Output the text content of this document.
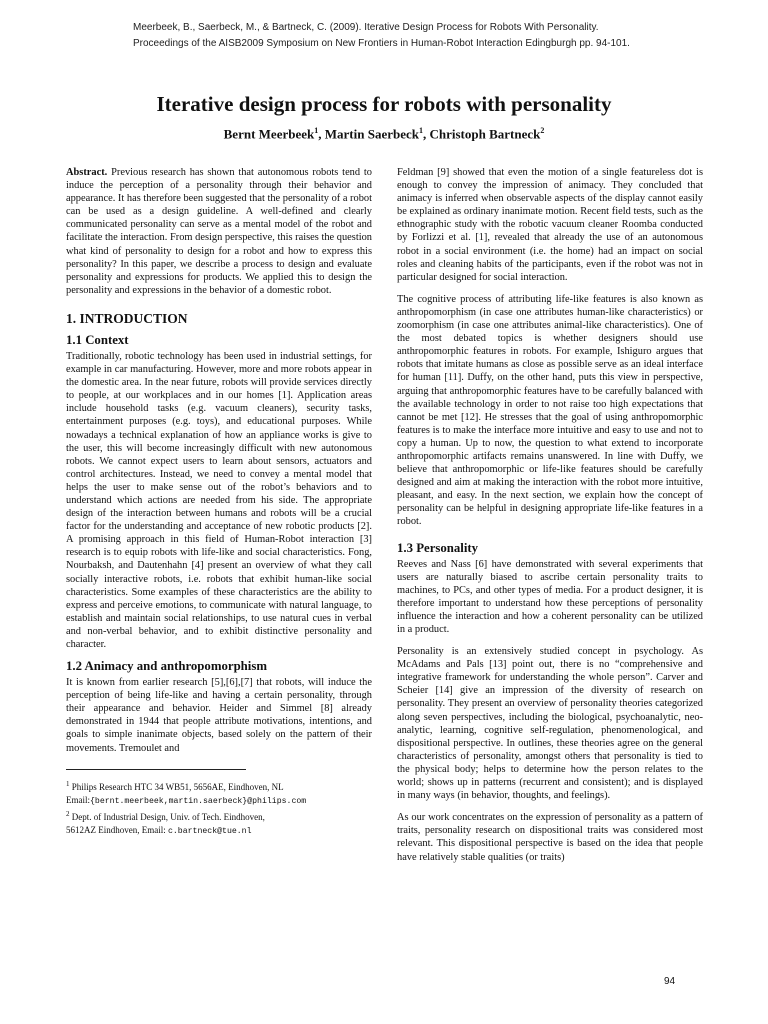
Meerbeek, B., Saerbeck, M., & Bartneck, C. (2009). Iterative Design Process for Robots With Personality.
Proceedings of the AISB2009 Symposium on New Frontiers in Human-Robot Interaction Edingburgh pp. 94-101.
Iterative design process for robots with personality
Bernt Meerbeek$^1$, Martin Saerbeck$^1$, Christoph Bartneck$^2$

Abstract. Previous research has shown that autonomous robots tend to induce the perception of a personality through their behavior and appearance. It has therefore been suggested that the personality of a robot can be used as a design guideline. A well-defined and clearly communicated personality can serve as a mental model of the robot and facilitate the interaction. From design perspective, this raises the question what kind of personality to design for a robot and how to express this personality? In this paper, we describe a process to design and evaluate personality and expressions for products. We applied this to design the personality and expressions in the behavior of a domestic robot.

1. INTRODUCTION
1.1 Context

Traditionally, robotic technology has been used in industrial settings, for example in car manufacturing. However, more and more robots appear in the domestic area. In the near future, robots will provide services directly to people, at our workplaces and in our homes [1]. Application areas include household tasks (e.g. vacuum cleaners), security tasks, entertainment purposes (e.g. toys), and educational purposes. While nowadays a technical explanation of how an appliance works is give to the user, this will become increasingly difficult with new autonomous robots. We cannot expect users to learn about sensors, actuators and control architectures. Instead, we need to convey a mental model that helps the user to make sense out of the robot’s behaviors and to understand which actions are needed from his side. The appropriate design of the interaction between humans and robots will be a crucial factor for the understanding and acceptance of new robotic products [2]. A promising approach in this field of Human-Robot interaction [3] research is to equip robots with life-like and social characteristics. Fong, Nourbaksh, and Dautenhahn [4] present an overview of what they call socially interactive robots, i.e. robots that exhibit human-like social characteristics. Some examples of these characteristics are the ability to express and perceive emotions, to communicate with natural language, to establish and maintain social relationships, to use natural cues in verbal and non-verbal behavior, and to exhibit distinctive personality and character.

1.2 Animacy and anthropomorphism

It is known from earlier research [5],[6],[7] that robots, will induce the perception of being life-like and having a certain personality, through their appearance and behavior. Heider and Simmel [8] already demonstrated in 1944 that people attribute motivations, intentions, and goals to simple inanimate objects, based solely on the pattern of their movements. Tremoulet and

$^1$ Philips Research HTC 34 WB51, 5656AE, Eindhoven, NL

Email:{bernt.meerbeek,martin.saerbeck}@philips.com

$^2$ Dept. of Industrial Design, Univ. of Tech. Eindhoven,

5612AZ Eindhoven, Email: c.bartneck@tue.nl

Feldman [9] showed that even the motion of a single featureless dot is enough to convey the impression of animacy. They concluded that animacy is inferred when observable aspects of the display cannot easily be explained as ordinary inanimate motion. Recent field tests, such as the ethnographic study with the robotic vacuum cleaner Roomba conducted by Forlizzi et al. [1], revealed that already the use of an autonomous robot in a social environment (i.e. the home) had an impact on social roles and cleaning habits of the participants, even if the robot was not in particular designed for social interaction.

The cognitive process of attributing life-like features is also known as anthropomorphism (in case one attributes human-like characteristics) or zoomorphism (in case one attributes animal-like characteristics). One of the most debated topics is whether designers should use anthropomorphic features in robots. For example, Ishiguro argues that robots that imitate humans as close as possible serve as an ideal interface for human [11]. Duffy, on the other hand, puts this view in perspective, arguing that anthropomorphic features have to be carefully balanced with the available technology in order to not raise too high expectations that cannot be met [12]. He stresses that the goal of using anthropomorphic features is to make the interface more intuitive and easy to use and not to copy a human. Up to now, the question to what extend to incorporate anthropomorphic artifacts remains unanswered. In line with Duffy, we believe that anthropomorphic or life-like features should be carefully designed and aim at making the interaction with the robot more intuitive, pleasant, and easy. In the next section, we explain how the concept of personality can be helpful in designing appropriate life-like features in a robot.

1.3 Personality

Reeves and Nass [6] have demonstrated with several experiments that users are naturally biased to ascribe certain personality traits to machines, to PCs, and other types of media. For a product designer, it is therefore important to understand how these perceptions of personality influence the interaction and how a coherent personality can be utilized in a product.

Personality is an extensively studied concept in psychology. As McAdams and Pals [13] point out, there is no “comprehensive and integrative framework for understanding the whole person”. Carver and Scheier [14] give an impression of the diversity of research on personality. They present an overview of personality theories categorized along seven perspectives, including the biological, psychoanalytic, neo-analytic, learning, cognitive self-regulation, phenomenological, and dispositional perspective. In outlines, these theories agree on the general characteristics of personality, amongst others that personality is tied to the physical body; helps to determine how the person relates to the world; shows up in patterns (recurrent and consistent); and is displayed in many ways (in behavior, thoughts, and feelings).

As our work concentrates on the expression of personality as a pattern of traits, personality research on dispositional traits was considered most relevant. This dispositional perspective is based on the idea that people have relatively stable qualities (or traits)

94
